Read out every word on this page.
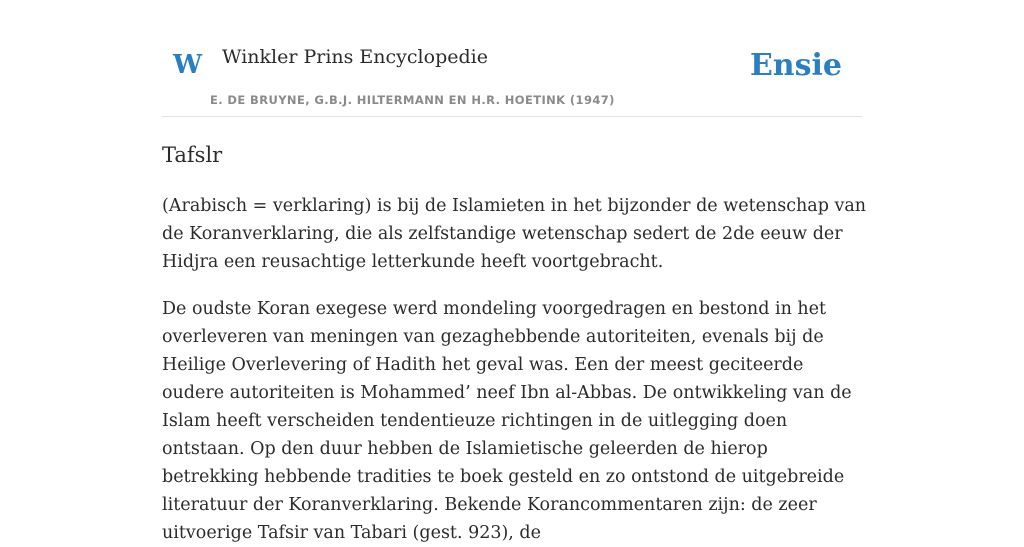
W Winkler Prins Encyclopedie
E. DE BRUYNE, G.B.J. HILTERMANN EN H.R. HOETINK (1947)
Ensie
Tafslr

(Arabisch = verklaring) is bij de Islamieten in het bijzonder de wetenschap van de Koranverklaring, die als zelfstandige wetenschap sedert de 2de eeuw der Hidjra een reusachtige letterkunde heeft voortgebracht.

De oudste Koran exegese werd mondeling voorgedragen en bestond in het overleveren van meningen van gezaghebbende autoriteiten, evenals bij de Heilige Overlevering of Hadith het geval was. Een der meest geciteerde oudere autoriteiten is Mohammed’ neef Ibn al-Abbas. De ontwikkeling van de Islam heeft verscheiden tendentieuze richtingen in de uitlegging doen ontstaan. Op den duur hebben de Islamietische geleerden de hierop betrekking hebbende tradities te boek gesteld en zo ontstond de uitgebreide literatuur der Koranverklaring. Bekende Korancommentaren zijn: de zeer uitvoerige Tafsir van Tabari (gest. 923), de
